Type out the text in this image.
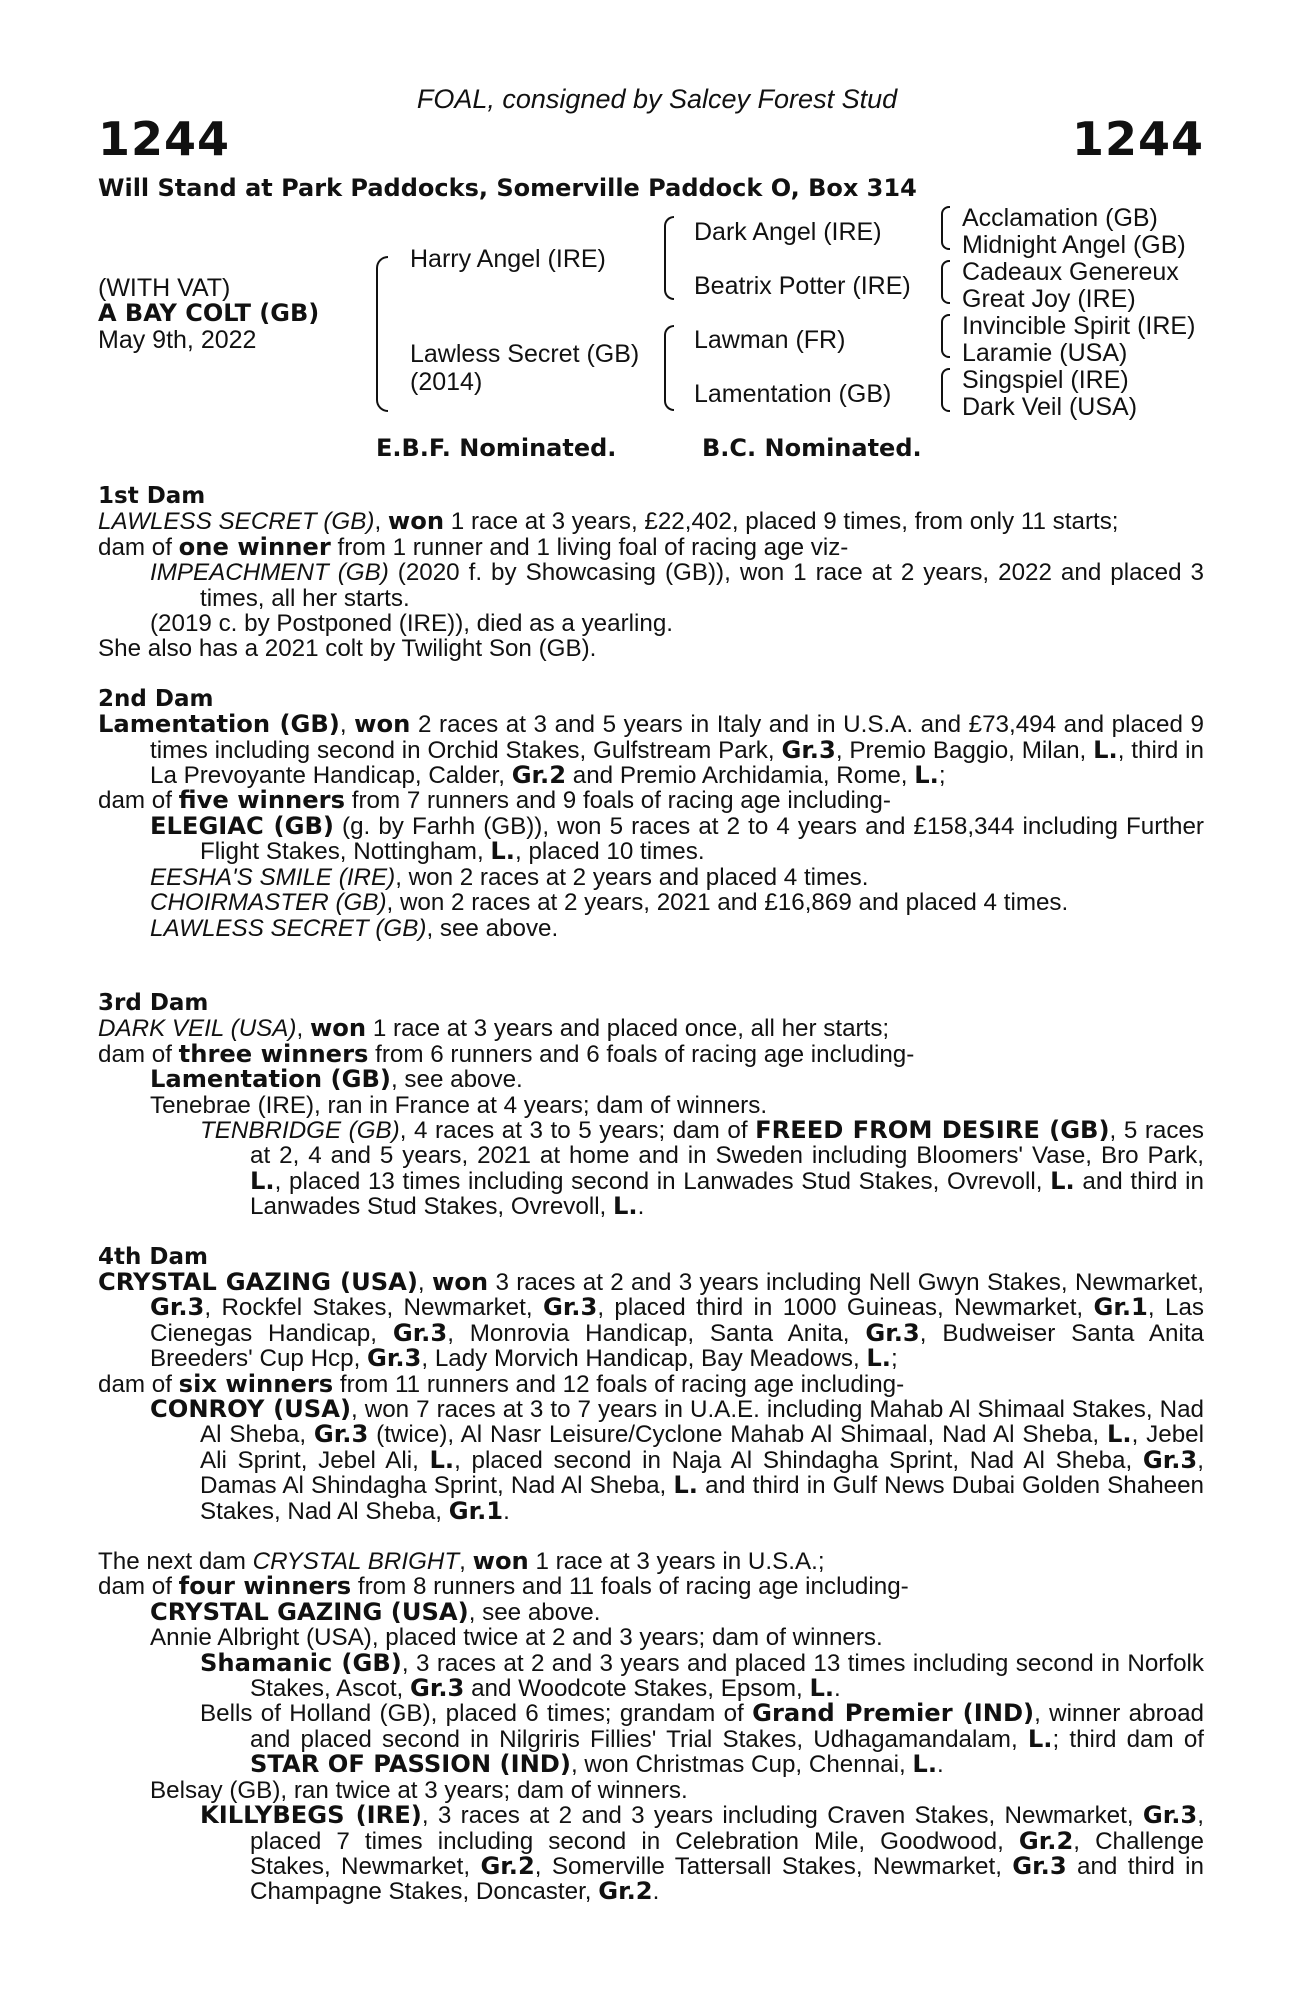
FOAL, consigned by Salcey Forest Stud
1244	1244
Will Stand at Park Paddocks, Somerville Paddock O, Box 314
(WITH VAT)
A BAY COLT (GB)
May 9th, 2022
Harry Angel (IRE)
Lawless Secret (GB)
(2014)
Dark Angel (IRE)
Beatrix Potter (IRE)
Lawman (FR)
Lamentation (GB)
Acclamation (GB)
Midnight Angel (GB)
Cadeaux Genereux
Great Joy (IRE)
Invincible Spirit (IRE)
Laramie (USA)
Singspiel (IRE)
Dark Veil (USA)
E.B.F. Nominated.	B.C. Nominated.

1st Dam

LAWLESS SECRET (GB), won 1 race at 3 years, £22,402, placed 9 times, from only 11 starts;

dam of one winner from 1 runner and 1 living foal of racing age viz-

IMPEACHMENT (GB) (2020 f. by Showcasing (GB)), won 1 race at 2 years, 2022 and placed 3 times, all her starts.

(2019 c. by Postponed (IRE)), died as a yearling.

She also has a 2021 colt by Twilight Son (GB).

2nd Dam

Lamentation (GB), won 2 races at 3 and 5 years in Italy and in U.S.A. and £73,494 and placed 9 times including second in Orchid Stakes, Gulfstream Park, Gr.3, Premio Baggio, Milan, L., third in La Prevoyante Handicap, Calder, Gr.2 and Premio Archidamia, Rome, L.;

dam of five winners from 7 runners and 9 foals of racing age including-

ELEGIAC (GB) (g. by Farhh (GB)), won 5 races at 2 to 4 years and £158,344 including Further Flight Stakes, Nottingham, L., placed 10 times.

EESHA'S SMILE (IRE), won 2 races at 2 years and placed 4 times.

CHOIRMASTER (GB), won 2 races at 2 years, 2021 and £16,869 and placed 4 times.

LAWLESS SECRET (GB), see above.

3rd Dam

DARK VEIL (USA), won 1 race at 3 years and placed once, all her starts;

dam of three winners from 6 runners and 6 foals of racing age including-

Lamentation (GB), see above.

Tenebrae (IRE), ran in France at 4 years; dam of winners.

TENBRIDGE (GB), 4 races at 3 to 5 years; dam of FREED FROM DESIRE (GB), 5 races at 2, 4 and 5 years, 2021 at home and in Sweden including Bloomers' Vase, Bro Park, L., placed 13 times including second in Lanwades Stud Stakes, Ovrevoll, L. and third in Lanwades Stud Stakes, Ovrevoll, L..

4th Dam

CRYSTAL GAZING (USA), won 3 races at 2 and 3 years including Nell Gwyn Stakes, Newmarket, Gr.3, Rockfel Stakes, Newmarket, Gr.3, placed third in 1000 Guineas, Newmarket, Gr.1, Las Cienegas Handicap, Gr.3, Monrovia Handicap, Santa Anita, Gr.3, Budweiser Santa Anita Breeders' Cup Hcp, Gr.3, Lady Morvich Handicap, Bay Meadows, L.;

dam of six winners from 11 runners and 12 foals of racing age including-

CONROY (USA), won 7 races at 3 to 7 years in U.A.E. including Mahab Al Shimaal Stakes, Nad Al Sheba, Gr.3 (twice), Al Nasr Leisure/Cyclone Mahab Al Shimaal, Nad Al Sheba, L., Jebel Ali Sprint, Jebel Ali, L., placed second in Naja Al Shindagha Sprint, Nad Al Sheba, Gr.3, Damas Al Shindagha Sprint, Nad Al Sheba, L. and third in Gulf News Dubai Golden Shaheen Stakes, Nad Al Sheba, Gr.1.

The next dam CRYSTAL BRIGHT, won 1 race at 3 years in U.S.A.;

dam of four winners from 8 runners and 11 foals of racing age including-

CRYSTAL GAZING (USA), see above.

Annie Albright (USA), placed twice at 2 and 3 years; dam of winners.

Shamanic (GB), 3 races at 2 and 3 years and placed 13 times including second in Norfolk Stakes, Ascot, Gr.3 and Woodcote Stakes, Epsom, L..

Bells of Holland (GB), placed 6 times; grandam of Grand Premier (IND), winner abroad and placed second in Nilgriris Fillies' Trial Stakes, Udhagamandalam, L.; third dam of STAR OF PASSION (IND), won Christmas Cup, Chennai, L..

Belsay (GB), ran twice at 3 years; dam of winners.

KILLYBEGS (IRE), 3 races at 2 and 3 years including Craven Stakes, Newmarket, Gr.3, placed 7 times including second in Celebration Mile, Goodwood, Gr.2, Challenge Stakes, Newmarket, Gr.2, Somerville Tattersall Stakes, Newmarket, Gr.3 and third in Champagne Stakes, Doncaster, Gr.2.
